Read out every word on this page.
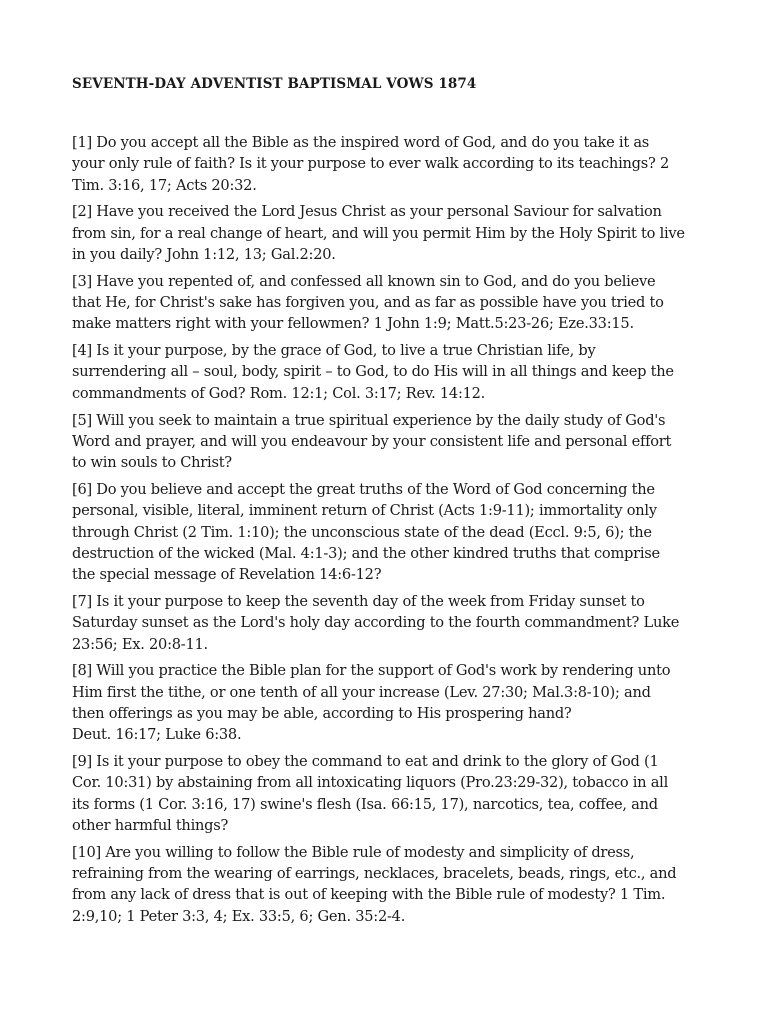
SEVENTH-DAY ADVENTIST BAPTISMAL VOWS 1874

[1] Do you accept all the Bible as the inspired word of God, and do you take it as
your only rule of faith? Is it your purpose to ever walk according to its teachings? 2
Tim. 3:16, 17; Acts 20:32.

[2] Have you received the Lord Jesus Christ as your personal Saviour for salvation
from sin, for a real change of heart, and will you permit Him by the Holy Spirit to live
in you daily? John 1:12, 13; Gal.2:20.

[3] Have you repented of, and confessed all known sin to God, and do you believe
that He, for Christ's sake has forgiven you, and as far as possible have you tried to
make matters right with your fellowmen? 1 John 1:9; Matt.5:23-26; Eze.33:15.

[4] Is it your purpose, by the grace of God, to live a true Christian life, by
surrendering all – soul, body, spirit – to God, to do His will in all things and keep the
commandments of God? Rom. 12:1; Col. 3:17; Rev. 14:12.

[5] Will you seek to maintain a true spiritual experience by the daily study of God's
Word and prayer, and will you endeavour by your consistent life and personal effort
to win souls to Christ?

[6] Do you believe and accept the great truths of the Word of God concerning the
personal, visible, literal, imminent return of Christ (Acts 1:9-11); immortality only
through Christ (2 Tim. 1:10); the unconscious state of the dead (Eccl. 9:5, 6); the
destruction of the wicked (Mal. 4:1-3); and the other kindred truths that comprise
the special message of Revelation 14:6-12?

[7] Is it your purpose to keep the seventh day of the week from Friday sunset to
Saturday sunset as the Lord's holy day according to the fourth commandment? Luke
23:56; Ex. 20:8-11.

[8] Will you practice the Bible plan for the support of God's work by rendering unto
Him first the tithe, or one tenth of all your increase (Lev. 27:30; Mal.3:8-10); and
then offerings as you may be able, according to His prospering hand?
Deut. 16:17; Luke 6:38.

[9] Is it your purpose to obey the command to eat and drink to the glory of God (1
Cor. 10:31) by abstaining from all intoxicating liquors (Pro.23:29-32), tobacco in all
its forms (1 Cor. 3:16, 17) swine's flesh (Isa. 66:15, 17), narcotics, tea, coffee, and
other harmful things?

[10] Are you willing to follow the Bible rule of modesty and simplicity of dress,
refraining from the wearing of earrings, necklaces, bracelets, beads, rings, etc., and
from any lack of dress that is out of keeping with the Bible rule of modesty? 1 Tim.
2:9,10; 1 Peter 3:3, 4; Ex. 33:5, 6; Gen. 35:2-4.
